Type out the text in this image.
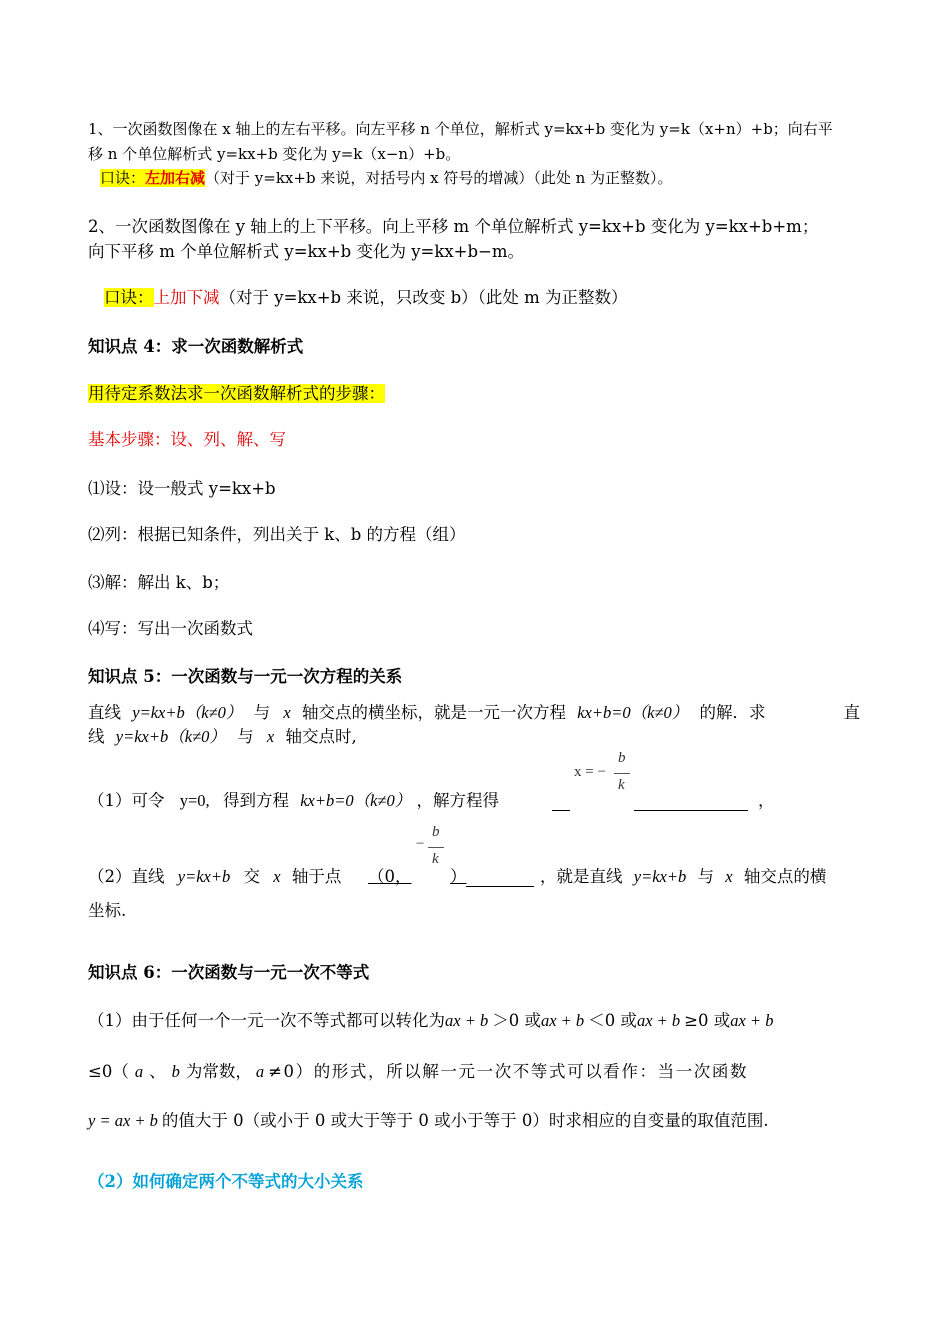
1、一次函数图像在 x 轴上的左右平移。向左平移 n 个单位，解析式 y=kx+b 变化为 y=k（x+n）+b；向右平
移 n 个单位解析式 y=kx+b 变化为 y=k（x−n）+b。
口诀：左加右减（对于 y=kx+b 来说，对括号内 x 符号的增减）（此处 n 为正整数）。
2、一次函数图像在 y 轴上的上下平移。向上平移 m 个单位解析式 y=kx+b 变化为 y=kx+b+m；
向下平移 m 个单位解析式 y=kx+b 变化为 y=kx+b−m。
口诀：上加下减（对于 y=kx+b 来说，只改变 b）（此处 m 为正整数）
知识点 4：求一次函数解析式
用待定系数法求一次函数解析式的步骤：
基本步骤：设、列、解、写
⑴设：设一般式 y=kx+b
⑵列：根据已知条件，列出关于 k、b 的方程（组）
⑶解：解出 k、b；
⑷写：写出一次函数式
知识点 5：一次函数与一元一次方程的关系
直线 y=kx+b（k≠0） 与 x 轴交点的横坐标，就是一元一次方程 kx+b=0（k≠0） 的解．求	直
线 y=kx+b（k≠0） 与 x 轴交点时,
x = −
b
k
（1）可令 y=0, 得到方程 kx+b=0（k≠0） ，解方程得	，
−
b
k
（2）直线 y=kx+b 交 x 轴于点	（0， ）	，就是直线 y=kx+b 与 x 轴交点的横
坐标.
知识点 6：一次函数与一元一次不等式
（1）由于任何一个一元一次不等式都可以转化为ax + b ＞0 或ax + b ＜0 或ax + b ≥0 或ax + b
≤0（ a 、 b 为常数， a ≠0）的形式，所以解一元一次不等式可以看作：当一次函数
y = ax + b 的值大于 0（或小于 0 或大于等于 0 或小于等于 0）时求相应的自变量的取值范围.
（2）如何确定两个不等式的大小关系
